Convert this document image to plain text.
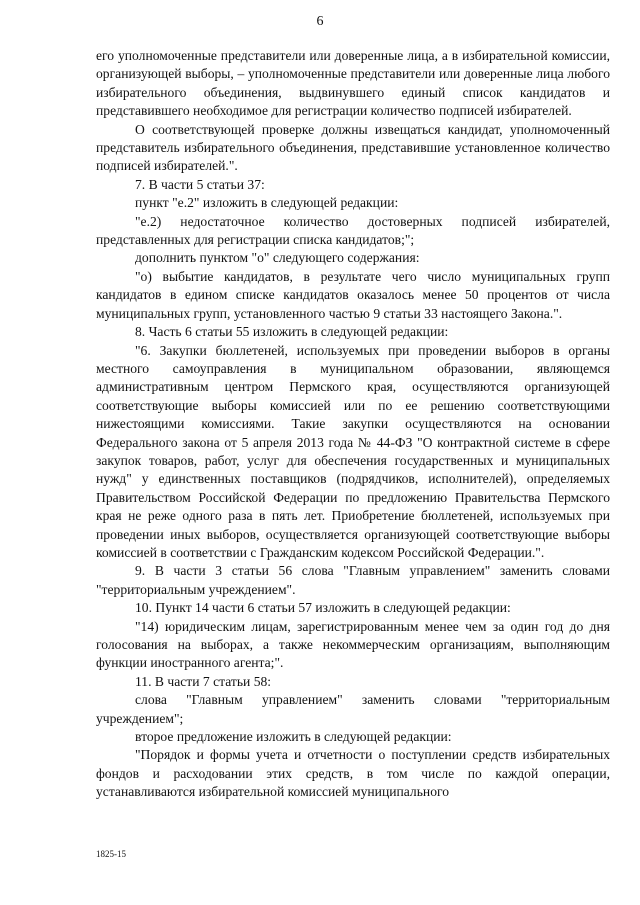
6

его уполномоченные представители или доверенные лица, а в избирательной комиссии, организующей выборы, – уполномоченные представители или доверенные лица любого избирательного объединения, выдвинувшего единый список кандидатов и представившего необходимое для регистрации количество подписей избирателей.

О соответствующей проверке должны извещаться кандидат, уполномоченный представитель избирательного объединения, представившие установленное количество подписей избирателей.".

7. В части 5 статьи 37:

пункт "е.2" изложить в следующей редакции:

"е.2) недостаточное количество достоверных подписей избирателей, представленных для регистрации списка кандидатов;";

дополнить пунктом "о" следующего содержания:

"о) выбытие кандидатов, в результате чего число муниципальных групп кандидатов в едином списке кандидатов оказалось менее 50 процентов от числа муниципальных групп, установленного частью 9 статьи 33 настоящего Закона.".

8. Часть 6 статьи 55 изложить в следующей редакции:

"6. Закупки бюллетеней, используемых при проведении выборов в органы местного самоуправления в муниципальном образовании, являющемся административным центром Пермского края, осуществляются организующей соответствующие выборы комиссией или по ее решению соответствующими нижестоящими комиссиями. Такие закупки осуществляются на основании Федерального закона от 5 апреля 2013 года № 44-ФЗ "О контрактной системе в сфере закупок товаров, работ, услуг для обеспечения государственных и муниципальных нужд" у единственных поставщиков (подрядчиков, исполнителей), определяемых Правительством Российской Федерации по предложению Правительства Пермского края не реже одного раза в пять лет. Приобретение бюллетеней, используемых при проведении иных выборов, осуществляется организующей соответствующие выборы комиссией в соответствии с Гражданским кодексом Российской Федерации.".

9. В части 3 статьи 56 слова "Главным управлением" заменить словами "территориальным учреждением".

10. Пункт 14 части 6 статьи 57 изложить в следующей редакции:

"14) юридическим лицам, зарегистрированным менее чем за один год до дня голосования на выборах, а также некоммерческим организациям, выполняющим функции иностранного агента;".

11. В части 7 статьи 58:

слова "Главным управлением" заменить словами "территориальным учреждением";

второе предложение изложить в следующей редакции:

"Порядок и формы учета и отчетности о поступлении средств избирательных фондов и расходовании этих средств, в том числе по каждой операции, устанавливаются избирательной комиссией муниципального

1825-15
